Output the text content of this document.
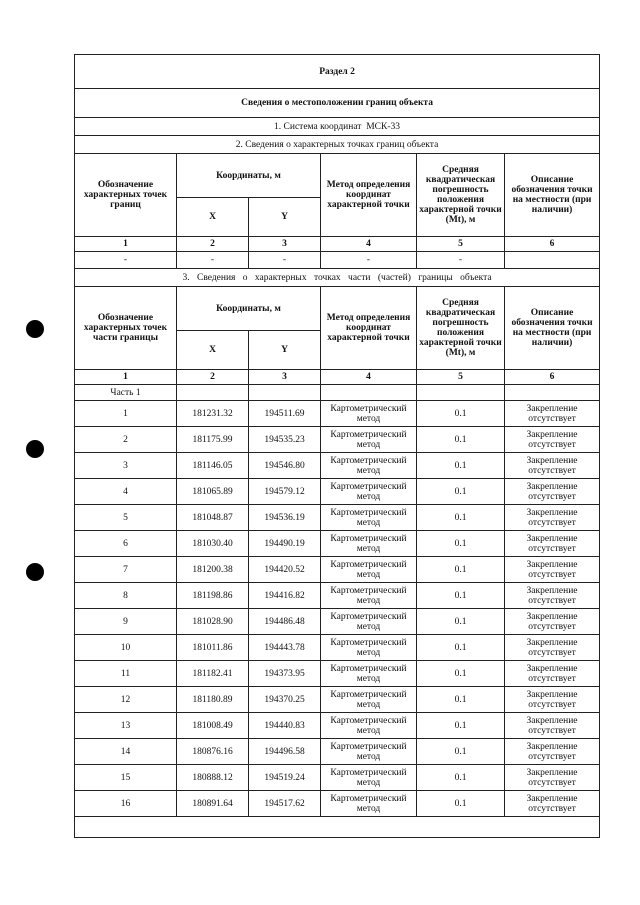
Раздел 2					
Сведения о местоположении границ объекта					
1. Система координат МСК-33					
2. Сведения о характерных точках границ объекта					
Обозначение характерных точек границ	Координаты, м		Метод определения координат характерной точки	Средняя квадратическая погрешность положения характерной точки (Mt), м	Описание обозначения точки на местности (при наличии)
	X	Y			
1	2	3	4	5	6
-	-	-	-	-	
3. Сведения о характерных точках части (частей) границы объекта					
Обозначение характерных точек части границы	Координаты, м		Метод определения координат характерной точки	Средняя квадратическая погрешность положения характерной точки (Mt), м	Описание обозначения точки на местности (при наличии)
	X	Y			
1	2	3	4	5	6
Часть 1					
1	181231.32	194511.69	Картометрический метод	0.1	Закрепление отсутствует
2	181175.99	194535.23	Картометрический метод	0.1	Закрепление отсутствует
3	181146.05	194546.80	Картометрический метод	0.1	Закрепление отсутствует
4	181065.89	194579.12	Картометрический метод	0.1	Закрепление отсутствует
5	181048.87	194536.19	Картометрический метод	0.1	Закрепление отсутствует
6	181030.40	194490.19	Картометрический метод	0.1	Закрепление отсутствует
7	181200.38	194420.52	Картометрический метод	0.1	Закрепление отсутствует
8	181198.86	194416.82	Картометрический метод	0.1	Закрепление отсутствует
9	181028.90	194486.48	Картометрический метод	0.1	Закрепление отсутствует
10	181011.86	194443.78	Картометрический метод	0.1	Закрепление отсутствует
11	181182.41	194373.95	Картометрический метод	0.1	Закрепление отсутствует
12	181180.89	194370.25	Картометрический метод	0.1	Закрепление отсутствует
13	181008.49	194440.83	Картометрический метод	0.1	Закрепление отсутствует
14	180876.16	194496.58	Картометрический метод	0.1	Закрепление отсутствует
15	180888.12	194519.24	Картометрический метод	0.1	Закрепление отсутствует
16	180891.64	194517.62	Картометрический метод	0.1	Закрепление отсутствует
